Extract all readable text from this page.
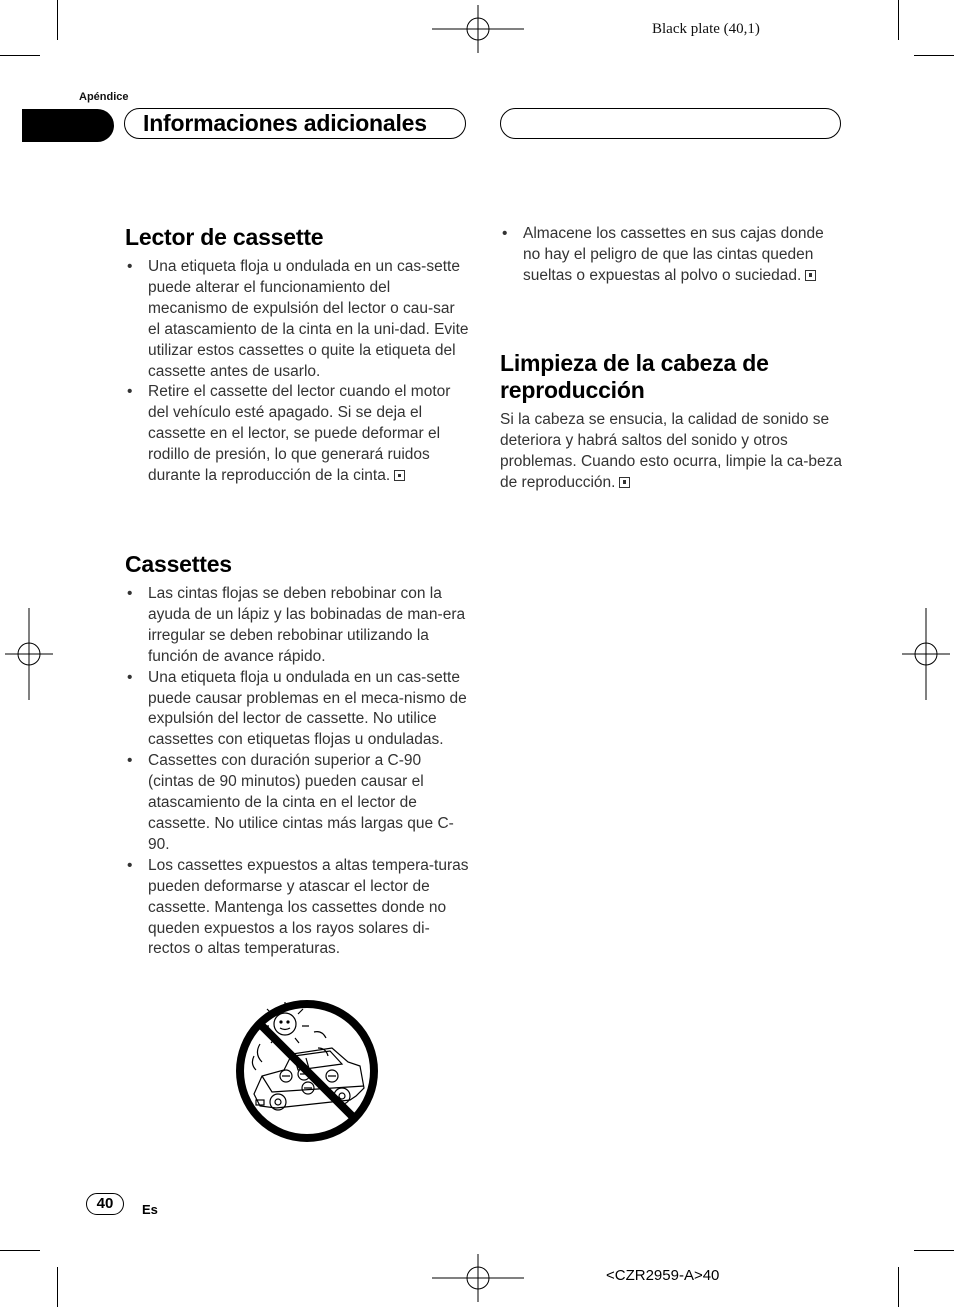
Black plate (40,1)
Apéndice
Informaciones adicionales
Lector de cassette
• Una etiqueta floja u ondulada en un cas-sette puede alterar el funcionamiento del mecanismo de expulsión del lector o cau-sar el atascamiento de la cinta en la uni-dad. Evite utilizar estos cassettes o quite la etiqueta del cassette antes de usarlo.
• Retire el cassette del lector cuando el motor del vehículo esté apagado. Si se deja el cassette en el lector, se puede deformar el rodillo de presión, lo que generará ruidos durante la reproducción de la cinta.
Cassettes
• Las cintas flojas se deben rebobinar con la ayuda de un lápiz y las bobinadas de man-era irregular se deben rebobinar utilizando la función de avance rápido.
• Una etiqueta floja u ondulada en un cas-sette puede causar problemas en el meca-nismo de expulsión del lector de cassette. No utilice cassettes con etiquetas flojas u onduladas.
• Cassettes con duración superior a C-90 (cintas de 90 minutos) pueden causar el atascamiento de la cinta en el lector de cassette. No utilice cintas más largas que C-90.
• Los cassettes expuestos a altas tempera-turas pueden deformarse y atascar el lector de cassette. Mantenga los cassettes donde no queden expuestos a los rayos solares di-rectos o altas temperaturas.
• Almacene los cassettes en sus cajas donde no hay el peligro de que las cintas queden sueltas o expuestas al polvo o suciedad.
Limpieza de la cabeza de reproducción

Si la cabeza se ensucia, la calidad de sonido se deteriora y habrá saltos del sonido y otros problemas. Cuando esto ocurra, limpie la ca-beza de reproducción.

40	Es
<CZR2959-A>40
